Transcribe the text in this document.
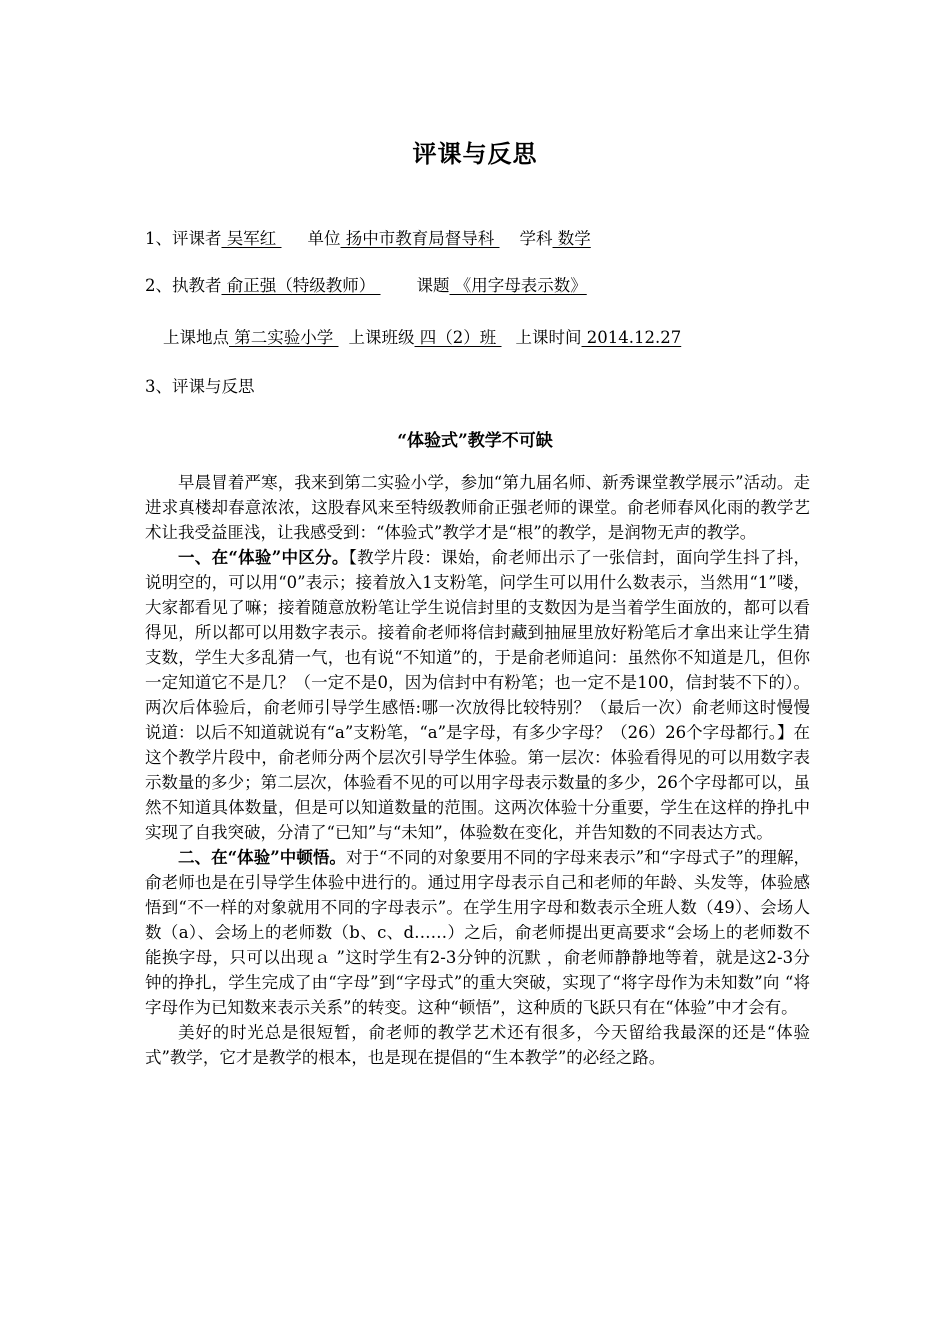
评课与反思
1、评课者 吴军红 单位 扬中市教育局督导科 学科 数学
2、执教者 俞正强（特级教师） 课题 《用字母表示数》
上课地点 第二实验小学 上课班级 四（2）班 上课时间 2014.12.27
3、评课与反思
“体验式”教学不可缺

早晨冒着严寒，我来到第二实验小学，参加“第九届名师、新秀课堂教学展示”活动。走进求真楼却春意浓浓，这股春风来至特级教师俞正强老师的课堂。俞老师春风化雨的教学艺术让我受益匪浅，让我感受到：“体验式”教学才是“根”的教学，是润物无声的教学。

一、在“体验”中区分。【教学片段：课始，俞老师出示了一张信封，面向学生抖了抖，说明空的，可以用“0”表示；接着放入1支粉笔，问学生可以用什么数表示，当然用“1”喽，大家都看见了嘛；接着随意放粉笔让学生说信封里的支数因为是当着学生面放的，都可以看得见，所以都可以用数字表示。接着俞老师将信封藏到抽屉里放好粉笔后才拿出来让学生猜支数，学生大多乱猜一气，也有说“不知道”的，于是俞老师追问：虽然你不知道是几，但你一定知道它不是几？（一定不是0，因为信封中有粉笔；也一定不是100，信封装不下的）。两次后体验后，俞老师引导学生感悟:哪一次放得比较特别？（最后一次）俞老师这时慢慢说道：以后不知道就说有“a”支粉笔，“a”是字母，有多少字母？（26）26个字母都行。】在这个教学片段中，俞老师分两个层次引导学生体验。第一层次：体验看得见的可以用数字表示数量的多少；第二层次，体验看不见的可以用字母表示数量的多少，26个字母都可以，虽然不知道具体数量，但是可以知道数量的范围。这两次体验十分重要，学生在这样的挣扎中实现了自我突破，分清了“已知”与“未知”，体验数在变化，并告知数的不同表达方式。

二、在“体验”中顿悟。对于“不同的对象要用不同的字母来表示”和“字母式子”的理解，俞老师也是在引导学生体验中进行的。通过用字母表示自己和老师的年龄、头发等，体验感悟到“不一样的对象就用不同的字母表示”。在学生用字母和数表示全班人数（49）、会场人数（a）、会场上的老师数（b、c、d……）之后，俞老师提出更高要求“会场上的老师数不能换字母，只可以出现ａ ”这时学生有2-3分钟的沉默 ，俞老师静静地等着，就是这2-3分钟的挣扎，学生完成了由“字母”到“字母式”的重大突破，实现了“将字母作为未知数”向 “将字母作为已知数来表示关系”的转变。这种“顿悟”，这种质的飞跃只有在“体验”中才会有。

美好的时光总是很短暂，俞老师的教学艺术还有很多，今天留给我最深的还是“体验式”教学，它才是教学的根本，也是现在提倡的“生本教学”的必经之路。
